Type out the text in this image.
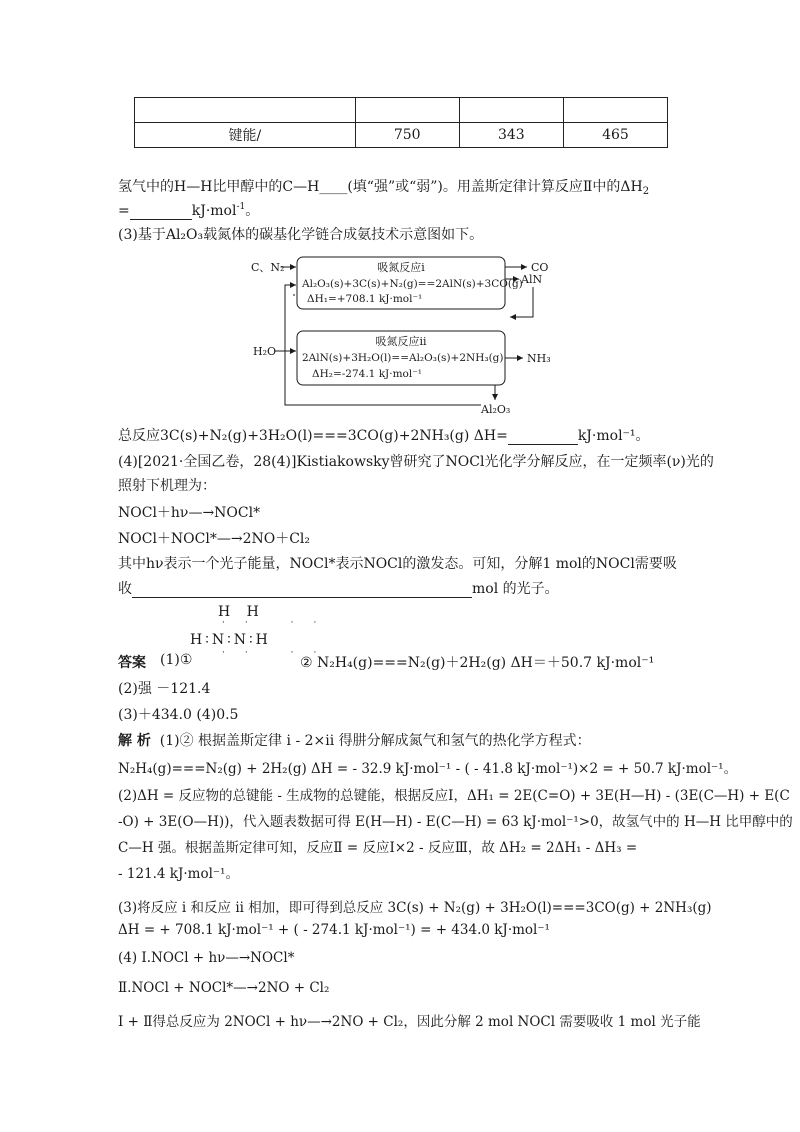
键能/	750	343	465
氢气中的H—H比甲醇中的C—H____(填“强”或“弱”)。用盖斯定律计算反应Ⅱ中的$\Delta H_2$
=	kJ·mol$^{-1}$。
(3)基于Al₂O₃载氮体的碳基化学链合成氨技术示意图如下。
吸氮反应i
Al₂O₃(s)+3C(s)+N₂(g)==2AlN(s)+3CO(g)
ΔH₁=+708.1 kJ·mol⁻¹
C、N₂	CO
AlN
吸氮反应ii
2AlN(s)+3H₂O(l)==Al₂O₃(s)+2NH₃(g)
ΔH₂=-274.1 kJ·mol⁻¹
H₂O
NH₃
Al₂O₃
总反应3C(s)+N₂(g)+3H₂O(l)===3CO(g)+2NH₃(g) ΔH=	kJ·mol⁻¹。
(4)[2021·全国乙卷，28(4)]Kistiakowsky曾研究了NOCl光化学分解反应，在一定频率(ν)光的
照射下机理为：
NOCl＋hν—→NOCl*
NOCl＋NOCl*—→2NO＋Cl₂
其中hν表示一个光子能量，NOCl*表示NOCl的激发态。可知，分解1 mol的NOCl需要吸
收	mol 的光子。
H H
·· ··
H∶N∶N∶H
·· ··
答案 (1)①	② N₂H₄(g)===N₂(g)＋2H₂(g) ΔH＝＋50.7 kJ·mol⁻¹
(2)强 －121.4
(3)＋434.0 (4)0.5
解 析 (1)② 根据盖斯定律 i - 2×ii 得肼分解成氮气和氢气的热化学方程式：
N₂H₄(g)===N₂(g) + 2H₂(g) ΔH = - 32.9 kJ·mol⁻¹ - ( - 41.8 kJ·mol⁻¹)×2 = + 50.7 kJ·mol⁻¹。
(2)ΔH = 反应物的总键能 - 生成物的总键能，根据反应Ⅰ，ΔH₁ = 2E(C=O) + 3E(H—H) - (3E(C—H) + E(C
-O) + 3E(O—H))，代入题表数据可得 E(H—H) - E(C—H) = 63 kJ·mol⁻¹>0，故氢气中的 H—H 比甲醇中的
C—H 强。根据盖斯定律可知，反应Ⅱ = 反应Ⅰ×2 - 反应Ⅲ，故 ΔH₂ = 2ΔH₁ - ΔH₃ =
- 121.4 kJ·mol⁻¹。
(3)将反应 i 和反应 ii 相加，即可得到总反应 3C(s) + N₂(g) + 3H₂O(l)===3CO(g) + 2NH₃(g)
ΔH = + 708.1 kJ·mol⁻¹ + ( - 274.1 kJ·mol⁻¹) = + 434.0 kJ·mol⁻¹
(4) Ⅰ.NOCl + hν—→NOCl*
Ⅱ.NOCl + NOCl*—→2NO + Cl₂
Ⅰ + Ⅱ得总反应为 2NOCl + hν—→2NO + Cl₂，因此分解 2 mol NOCl 需要吸收 1 mol 光子能
